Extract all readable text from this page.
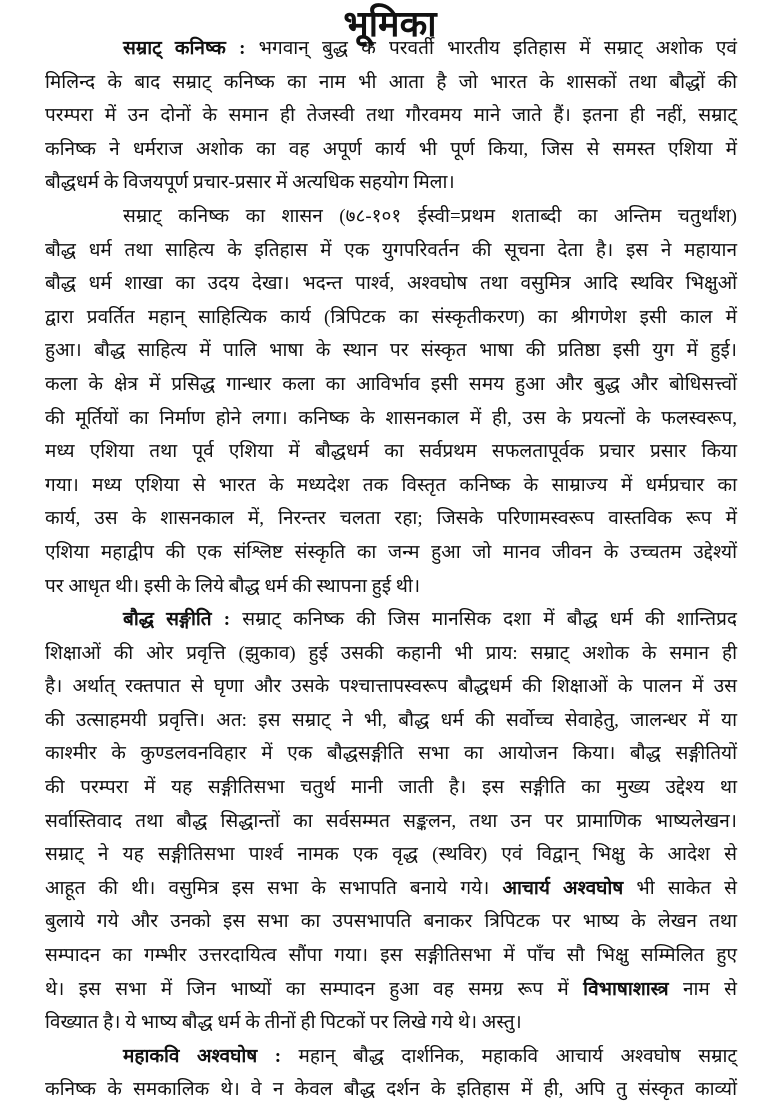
भूमिका
सम्राट् कनिष्क : भगवान् बुद्ध के परवर्ती भारतीय इतिहास में सम्राट् अशोक एवं
मिलिन्द के बाद सम्राट् कनिष्क का नाम भी आता है जो भारत के शासकों तथा बौद्धों की
परम्परा में उन दोनों के समान ही तेजस्वी तथा गौरवमय माने जाते हैं। इतना ही नहीं, सम्राट्
कनिष्क ने धर्मराज अशोक का वह अपूर्ण कार्य भी पूर्ण किया, जिस से समस्त एशिया में
बौद्धधर्म के विजयपूर्ण प्रचार-प्रसार में अत्यधिक सहयोग मिला।
सम्राट् कनिष्क का शासन (७८-१०१ ईस्वी=प्रथम शताब्दी का अन्तिम चतुर्थांश)
बौद्ध धर्म तथा साहित्य के इतिहास में एक युगपरिवर्तन की सूचना देता है। इस ने महायान
बौद्ध धर्म शाखा का उदय देखा। भदन्त पार्श्व, अश्वघोष तथा वसुमित्र आदि स्थविर भिक्षुओं
द्वारा प्रवर्तित महान् साहित्यिक कार्य (त्रिपिटक का संस्कृतीकरण) का श्रीगणेश इसी काल में
हुआ। बौद्ध साहित्य में पालि भाषा के स्थान पर संस्कृत भाषा की प्रतिष्ठा इसी युग में हुई।
कला के क्षेत्र में प्रसिद्ध गान्धार कला का आविर्भाव इसी समय हुआ और बुद्ध और बोधिसत्त्वों
की मूर्तियों का निर्माण होने लगा। कनिष्क के शासनकाल में ही, उस के प्रयत्नों के फलस्वरूप,
मध्य एशिया तथा पूर्व एशिया में बौद्धधर्म का सर्वप्रथम सफलतापूर्वक प्रचार प्रसार किया
गया। मध्य एशिया से भारत के मध्यदेश तक विस्तृत कनिष्क के साम्राज्य में धर्मप्रचार का
कार्य, उस के शासनकाल में, निरन्तर चलता रहा; जिसके परिणामस्वरूप वास्तविक रूप में
एशिया महाद्वीप की एक संश्लिष्ट संस्कृति का जन्म हुआ जो मानव जीवन के उच्चतम उद्देश्यों
पर आधृत थी। इसी के लिये बौद्ध धर्म की स्थापना हुई थी।
बौद्ध सङ्गीति : सम्राट् कनिष्क की जिस मानसिक दशा में बौद्ध धर्म की शान्तिप्रद
शिक्षाओं की ओर प्रवृत्ति (झुकाव) हुई उसकी कहानी भी प्राय: सम्राट् अशोक के समान ही
है। अर्थात् रक्तपात से घृणा और उसके पश्चात्तापस्वरूप बौद्धधर्म की शिक्षाओं के पालन में उस
की उत्साहमयी प्रवृत्ति। अत: इस सम्राट् ने भी, बौद्ध धर्म की सर्वोच्च सेवाहेतु, जालन्धर में या
काश्मीर के कुण्डलवनविहार में एक बौद्धसङ्गीति सभा का आयोजन किया। बौद्ध सङ्गीतियों
की परम्परा में यह सङ्गीतिसभा चतुर्थ मानी जाती है। इस सङ्गीति का मुख्य उद्देश्य था
सर्वास्तिवाद तथा बौद्ध सिद्धान्तों का सर्वसम्मत सङ्कलन, तथा उन पर प्रामाणिक भाष्यलेखन।
सम्राट् ने यह सङ्गीतिसभा पार्श्व नामक एक वृद्ध (स्थविर) एवं विद्वान् भिक्षु के आदेश से
आहूत की थी। वसुमित्र इस सभा के सभापति बनाये गये। आचार्य अश्वघोष भी साकेत से
बुलाये गये और उनको इस सभा का उपसभापति बनाकर त्रिपिटक पर भाष्य के लेखन तथा
सम्पादन का गम्भीर उत्तरदायित्व सौंपा गया। इस सङ्गीतिसभा में पाँच सौ भिक्षु सम्मिलित हुए
थे। इस सभा में जिन भाष्यों का सम्पादन हुआ वह समग्र रूप में विभाषाशास्त्र नाम से
विख्यात है। ये भाष्य बौद्ध धर्म के तीनों ही पिटकों पर लिखे गये थे। अस्तु।
महाकवि अश्वघोष : महान् बौद्ध दार्शनिक, महाकवि आचार्य अश्वघोष सम्राट्
कनिष्क के समकालिक थे। वे न केवल बौद्ध दर्शन के इतिहास में ही, अपि तु संस्कृत काव्यों
